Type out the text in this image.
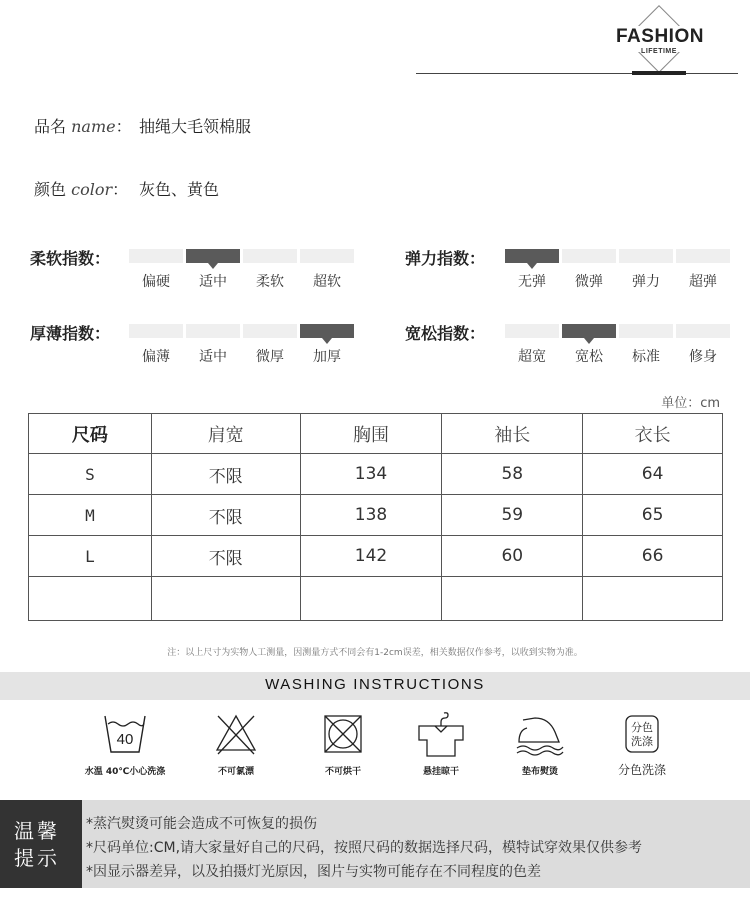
FASHION
LIFETIME
品名 name： 抽绳大毛领棉服
颜色 color： 灰色、黄色
柔软指数：	弹力指数：
厚薄指数：	宽松指数：
偏硬	适中	柔软	超软	无弹	微弹	弹力	超弹
偏薄	适中	微厚	加厚	超宽	宽松	标准	修身
单位：cm
尺码	肩宽	胸围	袖长	衣长
S	不限	134	58	64
M	不限	138	59	65
L	不限	142	60	66

注：以上尺寸为实物人工测量，因测量方式不同会有1-2cm误差，相关数据仅作参考，以收到实物为准。
WASHING INSTRUCTIONS
40
水温 40℃小心洗涤	不可氯漂	不可烘干	悬挂晾干	垫布熨烫
分色
洗涤
分色洗涤
温馨提示
*蒸汽熨烫可能会造成不可恢复的损伤
*尺码单位:CM,请大家量好自己的尺码，按照尺码的数据选择尺码，模特试穿效果仅供参考
*因显示器差异，以及拍摄灯光原因，图片与实物可能存在不同程度的色差
